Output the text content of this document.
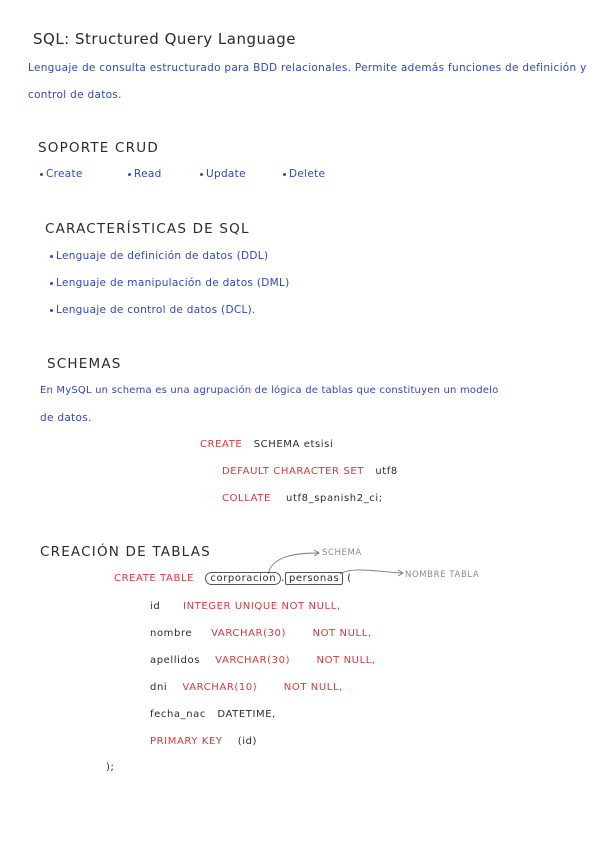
SQL: Structured Query Language
Lenguaje de consulta estructurado para BDD relacionales. Permite además funciones de definición y
control de datos.
SOPORTE CRUD
Create	Read	Update	Delete
CARACTERÍSTICAS DE SQL
Lenguaje de definición de datos (DDL)
Lenguaje de manipulación de datos (DML)
Lenguaje de control de datos (DCL).
SCHEMAS
En MySQL un schema es una agrupación de lógica de tablas que constituyen un modelo
de datos.
CREATE SCHEMA etsisi
DEFAULT CHARACTER SET utf8
COLLATE utf8_spanish2_ci;
CREACIÓN DE TABLAS	SCHEMA
NOMBRE TABLA
CREATE TABLE corporacion . personas (
id INTEGER UNIQUE NOT NULL,
nombre VARCHAR(30)	NOT NULL,
apellidos VARCHAR(30)	NOT NULL,
dni VARCHAR(10)	NOT NULL,
fecha_nac DATETIME,
PRIMARY KEY (id)
);
